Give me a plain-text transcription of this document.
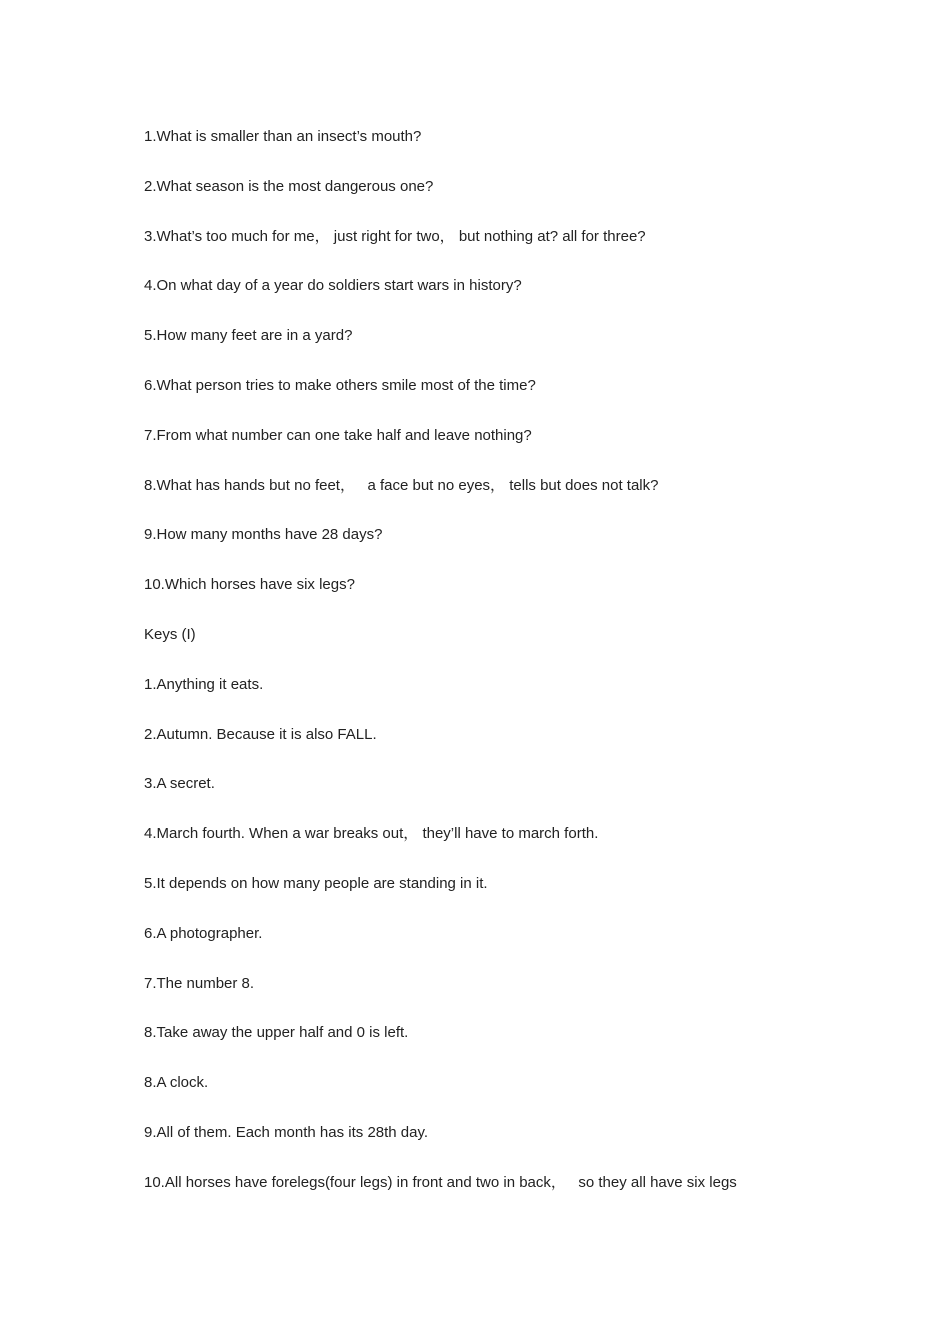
1.What is smaller than an insect’s mouth?

2.What season is the most dangerous one?

3.What’s too much for me， just right for two， but nothing at? all for three?

4.On what day of a year do soldiers start wars in history?

5.How many feet are in a yard?

6.What person tries to make others smile most of the time?

7.From what number can one take half and leave nothing?

8.What has hands but no feet，   a face but no eyes， tells but does not talk?

9.How many months have 28 days?

10.Which horses have six legs?

Keys (I)

1.Anything it eats.

2.Autumn. Because it is also FALL.

3.A secret.

4.March fourth. When a war breaks out， they’ll have to march forth.

5.It depends on how many people are standing in it.

6.A photographer.

7.The number 8.

8.Take away the upper half and 0 is left.

8.A clock.

9.All of them. Each month has its 28th day.

10.All horses have forelegs(four legs) in front and two in back，   so they all have six legs
